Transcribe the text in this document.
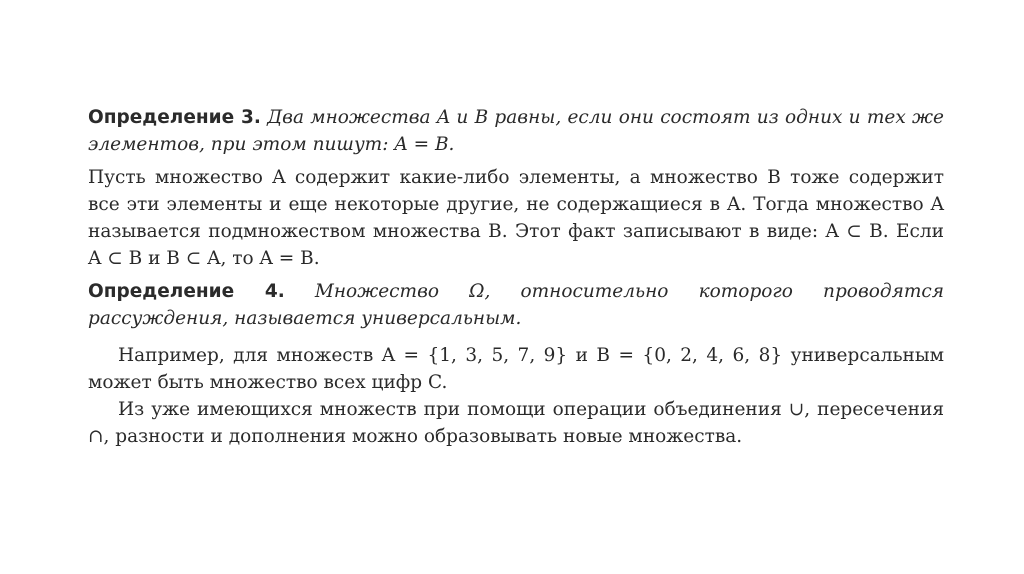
Определение 3. Два множества A и B равны, если они состоят из одних и тех же элементов, при этом пишут: A = B.

Пусть множество A содержит какие-либо элементы, а множество B тоже содержит все эти элементы и еще некоторые другие, не содержащиеся в A. Тогда множество A называется подмножеством множества B. Этот факт записывают в виде: A ⊂ B. Если A ⊂ B и B ⊂ A, то A = B.

Определение 4. Множество Ω, относительно которого проводятся рассуждения, называется универсальным.

Например, для множеств A = {1, 3, 5, 7, 9} и B = {0, 2, 4, 6, 8} универсальным может быть множество всех цифр C.

Из уже имеющихся множеств при помощи операции объединения ∪, пересечения ∩, разности и дополнения можно образовывать новые множества.
